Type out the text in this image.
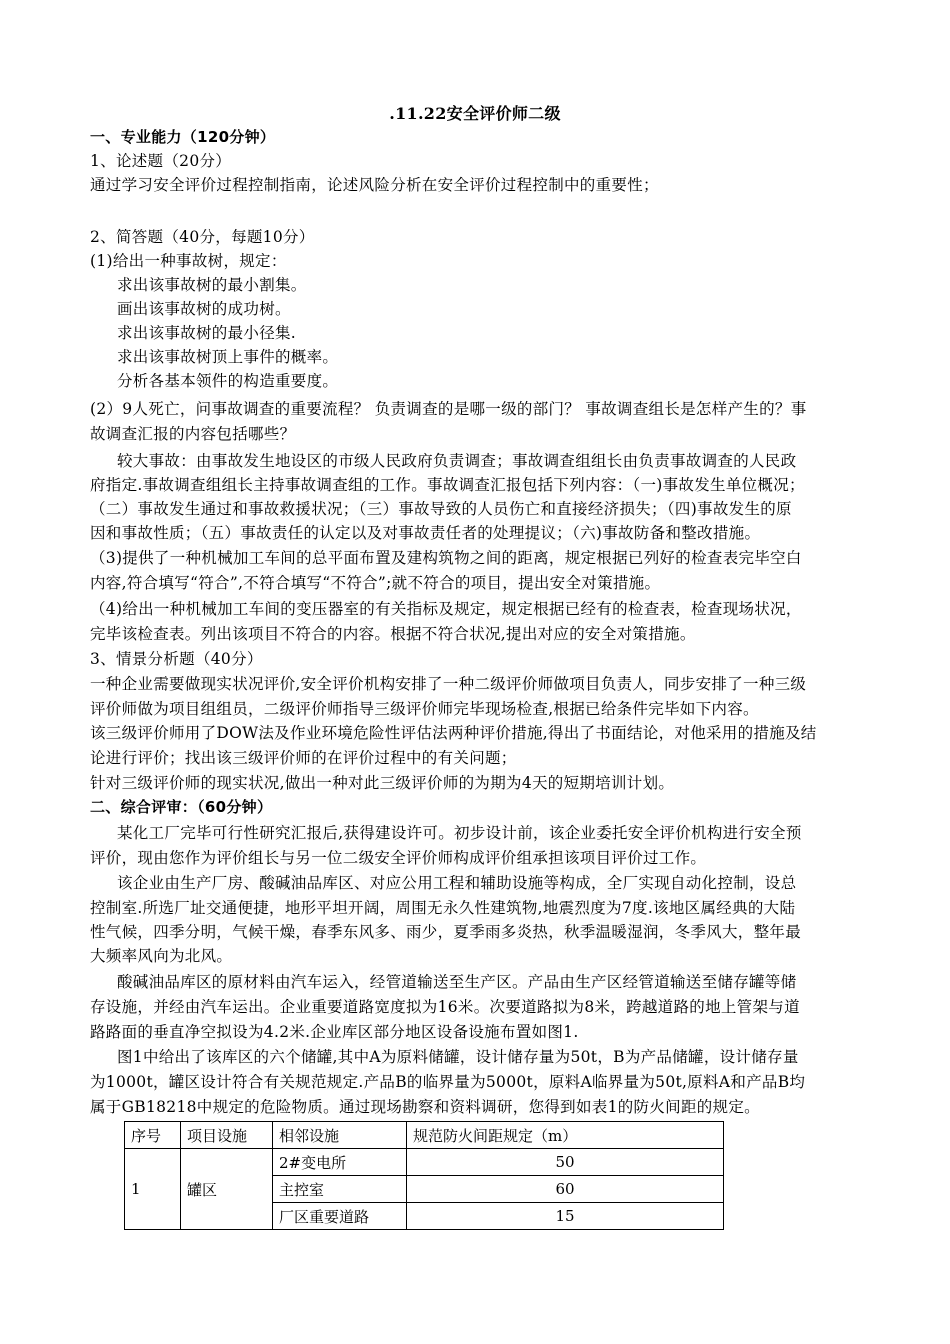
.11.22安全评价师二级
一、专业能力（120分钟）
1、论述题（20分）
通过学习安全评价过程控制指南，论述风险分析在安全评价过程控制中的重要性；
2、简答题（40分，每题10分）
(1)给出一种事故树，规定：
求出该事故树的最小割集。
画出该事故树的成功树。
求出该事故树的最小径集.
求出该事故树顶上事件的概率。
分析各基本领件的构造重要度。
(2）9人死亡，问事故调查的重要流程？ 负责调查的是哪一级的部门？ 事故调查组长是怎样产生的？事
故调查汇报的内容包括哪些？
较大事故：由事故发生地设区的市级人民政府负责调查；事故调查组组长由负责事故调查的人民政
府指定.事故调查组组长主持事故调查组的工作。事故调查汇报包括下列内容：（一)事故发生单位概况；
（二）事故发生通过和事故救援状况；（三）事故导致的人员伤亡和直接经济损失；（四)事故发生的原
因和事故性质；（五）事故责任的认定以及对事故责任者的处理提议；（六)事故防备和整改措施。
（3)提供了一种机械加工车间的总平面布置及建构筑物之间的距离，规定根据已列好的检查表完毕空白
内容,符合填写“符合”,不符合填写“不符合”;就不符合的项目，提出安全对策措施。
（4)给出一种机械加工车间的变压器室的有关指标及规定，规定根据已经有的检查表，检查现场状况，
完毕该检查表。列出该项目不符合的内容。根据不符合状况,提出对应的安全对策措施。
3、情景分析题（40分）
一种企业需要做现实状况评价,安全评价机构安排了一种二级评价师做项目负责人，同步安排了一种三级
评价师做为项目组组员，二级评价师指导三级评价师完毕现场检查,根据已给条件完毕如下内容。
该三级评价师用了DOW法及作业环境危险性评估法两种评价措施,得出了书面结论，对他采用的措施及结
论进行评价；找出该三级评价师的在评价过程中的有关问题；
针对三级评价师的现实状况,做出一种对此三级评价师的为期为4天的短期培训计划。
二、综合评审：（60分钟）
某化工厂完毕可行性研究汇报后,获得建设许可。初步设计前，该企业委托安全评价机构进行安全预
评价，现由您作为评价组长与另一位二级安全评价师构成评价组承担该项目评价过工作。
该企业由生产厂房、酸碱油品库区、对应公用工程和辅助设施等构成，全厂实现自动化控制，设总
控制室.所选厂址交通便捷，地形平坦开阔，周围无永久性建筑物,地震烈度为7度.该地区属经典的大陆
性气候，四季分明，气候干燥，春季东风多、雨少，夏季雨多炎热，秋季温暖湿润，冬季风大，整年最
大频率风向为北风。
酸碱油品库区的原材料由汽车运入，经管道输送至生产区。产品由生产区经管道输送至储存罐等储
存设施，并经由汽车运出。企业重要道路宽度拟为16米。次要道路拟为8米，跨越道路的地上管架与道
路路面的垂直净空拟设为4.2米.企业库区部分地区设备设施布置如图1.
图1中给出了该库区的六个储罐,其中A为原料储罐，设计储存量为50t，B为产品储罐，设计储存量
为1000t，罐区设计符合有关规范规定.产品B的临界量为5000t，原料A临界量为50t,原料A和产品B均
属于GB18218中规定的危险物质。通过现场勘察和资料调研，您得到如表1的防火间距的规定。
序号	项目设施	相邻设施	规范防火间距规定（m）
1	罐区	2#变电所	50
		主控室	60
		厂区重要道路	15
